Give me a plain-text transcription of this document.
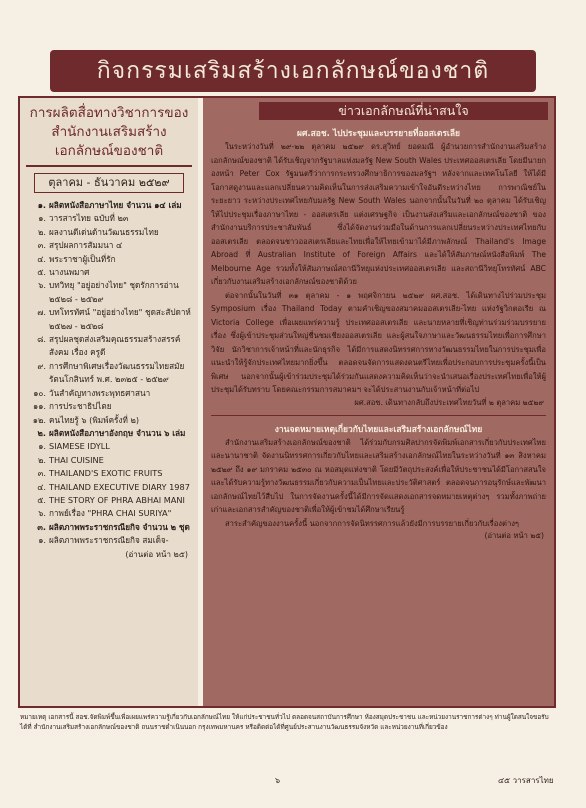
กิจกรรมเสริมสร้างเอกลักษณ์ของชาติ
การผลิตสื่อทางวิชาการของสำนักงานเสริมสร้างเอกลักษณ์ของชาติ
ตุลาคม - ธันวาคม ๒๕๒๙
๑. ผลิตหนังสือภาษาไทย จำนวน ๑๔ เล่ม
๑. วารสารไทย ฉบับที่ ๒๓
๒. ผลงานดีเด่นด้านวัฒนธรรมไทย
๓. สรุปผลการสัมมนา ๔
๔. พระราชาผู้เป็นที่รัก
๕. นางนพมาศ
๖. บทวิทยุ "อยู่อย่างไทย" ชุดรักการอ่าน ๒๕๒๘ - ๒๕๒๙
๗. บทโทรทัศน์ "อยู่อย่างไทย" ชุดสะสัปดาห์ ๒๕๒๗ - ๒๕๒๘
๘. สรุปผลชุดส่งเสริมคุณธรรมสร้างสรรค์สังคม เรื่อง ครูดี
๙. การศึกษาพิเศษเรื่องวัฒนธรรมไทยสมัยรัตนโกสินทร์ พ.ศ. ๒๓๒๕ - ๒๕๒๙
๑๐. วันสำคัญทางพระพุทธศาสนา
๑๑. การประชาธิปไตย
๑๒. คนไทยรู้ ๖ (พิมพ์ครั้งที่ ๒)
๒. ผลิตหนังสือภาษาอังกฤษ จำนวน ๖ เล่ม
๑. SIAMESE IDYLL
๒. THAI CUISINE
๓. THAILAND'S EXOTIC FRUITS
๔. THAILAND EXECUTIVE DIARY 1987
๕. THE STORY OF PHRA ABHAI MANI
๖. กาพย์เรื่อง "PHRA CHAI SURIYA"
๓. ผลิตภาพพระราชกรณียกิจ จำนวน ๒ ชุด
๑. ผลิตภาพพระราชกรณียกิจ สมเด็จ-
(อ่านต่อ หน้า ๒๕)
ข่าวเอกลักษณ์ที่น่าสนใจ
ผศ.สอช. ไปประชุมและบรรยายที่ออสเตรเลีย
ในระหว่างวันที่ ๒๙-๒๒ ตุลาคม ๒๕๒๙ ดร.สุวิทย์ ยอดมณี ผู้อำนวยการสำนักงานเสริมสร้างเอกลักษณ์ของชาติ ได้รับเชิญจากรัฐบาลแห่งมลรัฐ New South Wales ประเทศออสเตรเลีย โดยมีนายกองหน้า Peter Cox รัฐมนตรีว่าการกระทรวงศึกษาธิการของมลรัฐฯ หลังจากและเทคโนโลยี ให้ได้มีโอกาสดูงานและแลกเปลี่ยนความคิดเห็นในการส่งเสริมความเข้าใจอันดีระหว่างไทย การพาณิชย์ในระยะยาว ระหว่างประเทศไทยกับมลรัฐ New South Wales นอกจากนั้นในวันที่ ๒๐ ตุลาคม ได้รับเชิญให้ไปประชุมเรื่องภาษาไทย - ออสเตรเลีย แต่งเศรษฐกิจ เป็นงานส่งเสริมและเอกลักษณ์ของชาติ ของสำนักงานบริการประชาสัมพันธ์ ซึ่งได้จัดงานร่วมมือในด้านการแลกเปลี่ยนระหว่างประเทศไทยกับออสเตรเลีย ตลอดจนชาวออสเตรเลียและไทยเพื่อให้ไทยเข้ามาได้มีภาพลักษณ์ Thailand's Image Abroad ที่ Australian Institute of Foreign Affairs และได้ให้สัมภาษณ์หนังสือพิมพ์ The Melbourne Age รวมทั้งให้สัมภาษณ์สถานีวิทยุแห่งประเทศออสเตรเลีย และสถานีวิทยุโทรทัศน์ ABC เกี่ยวกับงานเสริมสร้างเอกลักษณ์ของชาติด้วย
ต่อจากนั้นในวันที่ ๓๑ ตุลาคม - ๑ พฤศจิกายน ๒๕๒๙ ผศ.สอช. ได้เดินทางไปร่วมประชุม Symposium เรื่อง Thailand Today ตามคำเชิญของสมาคมออสเตรเลีย-ไทย แห่งรัฐวิกตอเรีย ณ Victoria College เพื่อเผยแพร่ความรู้ ประเทศออสเตรเลีย และนายหลายที่เชิญท่านร่วมร่วมบรรยายเรื่อง ซึ่งผู้เข้าประชุมส่วนใหญ่ชื่นชมเชียงออสเตรเลีย และผู้สนใจภาษาและวัฒนธรรมไทยเพื่อการศึกษาวิจัย นักวิชาการเจ้าหน้าที่และนักธุรกิจ ได้มีการแสดงนิทรรศการทางวัฒนธรรมไทยในการประชุมเพื่อแนะนำให้รู้จักประเทศไทยมากยิ่งขึ้น ตลอดจนจัดการแสดงดนตรีไทยเพื่อประกอบการประชุมครั้งนี้เป็นพิเศษ นอกจากนั้นผู้เข้าร่วมประชุมได้ร่วมกันแสดงความคิดเห็นว่าจะนำเสนอเรื่องประเทศไทยเพื่อให้ผู้ประชุมได้รับทราบ โดยคณะกรรมการสมาคมฯ จะได้ประสานงานกับเจ้าหน้าที่ต่อไป
ผศ.สอช. เดินทางกลับถึงประเทศไทยวันที่ ๒ ตุลาคม ๒๕๒๙
งานจดหมายเหตุเกี่ยวกับไทยและเสริมสร้างเอกลักษณ์ไทย
สำนักงานเสริมสร้างเอกลักษณ์ของชาติ ได้ร่วมกับกรมศิลปากรจัดพิมพ์เอกสารเกี่ยวกับประเทศไทยและนานาชาติ จัดงานนิทรรศการเกี่ยวกับไทยและเสริมสร้างเอกลักษณ์ไทยในระหว่างวันที่ ๑๓ สิงหาคม ๒๕๒๙ ถึง ๑๙ มกราคม ๒๕๓๐ ณ หอสมุดแห่งชาติ โดยมีวัตถุประสงค์เพื่อให้ประชาชนได้มีโอกาสสนใจและได้รับความรู้ทางวัฒนธรรมเกี่ยวกับความเป็นไทยและประวัติศาสตร์ ตลอดจนการอนุรักษ์และพัฒนาเอกลักษณ์ไทยไว้สืบไป ในการจัดงานครั้งนี้ได้มีการจัดแสดงเอกสารจดหมายเหตุต่างๆ รวมทั้งภาพถ่ายเก่าและเอกสารสำคัญของชาติเพื่อให้ผู้เข้าชมได้ศึกษาเรียนรู้
สาระสำคัญของงานครั้งนี้ นอกจากการจัดนิทรรศการแล้วยังมีการบรรยายเกี่ยวกับเรื่องต่างๆ
(อ่านต่อ หน้า ๒๕)
หมายเหตุ เอกสารนี้ สอช.จัดพิมพ์ขึ้นเพื่อเผยแพร่ความรู้เกี่ยวกับเอกลักษณ์ไทย ให้แก่ประชาชนทั่วไป ตลอดจนสถาบันการศึกษา ห้องสมุดประชาชน และหน่วยงานราชการต่างๆ ท่านผู้ใดสนใจขอรับได้ที่ สำนักงานเสริมสร้างเอกลักษณ์ของชาติ ถนนราชดำเนินนอก กรุงเทพมหานคร หรือติดต่อได้ที่ศูนย์ประสานงานวัฒนธรรมจังหวัด และหน่วยงานที่เกี่ยวข้อง
๖	๔๕ วารสารไทย
